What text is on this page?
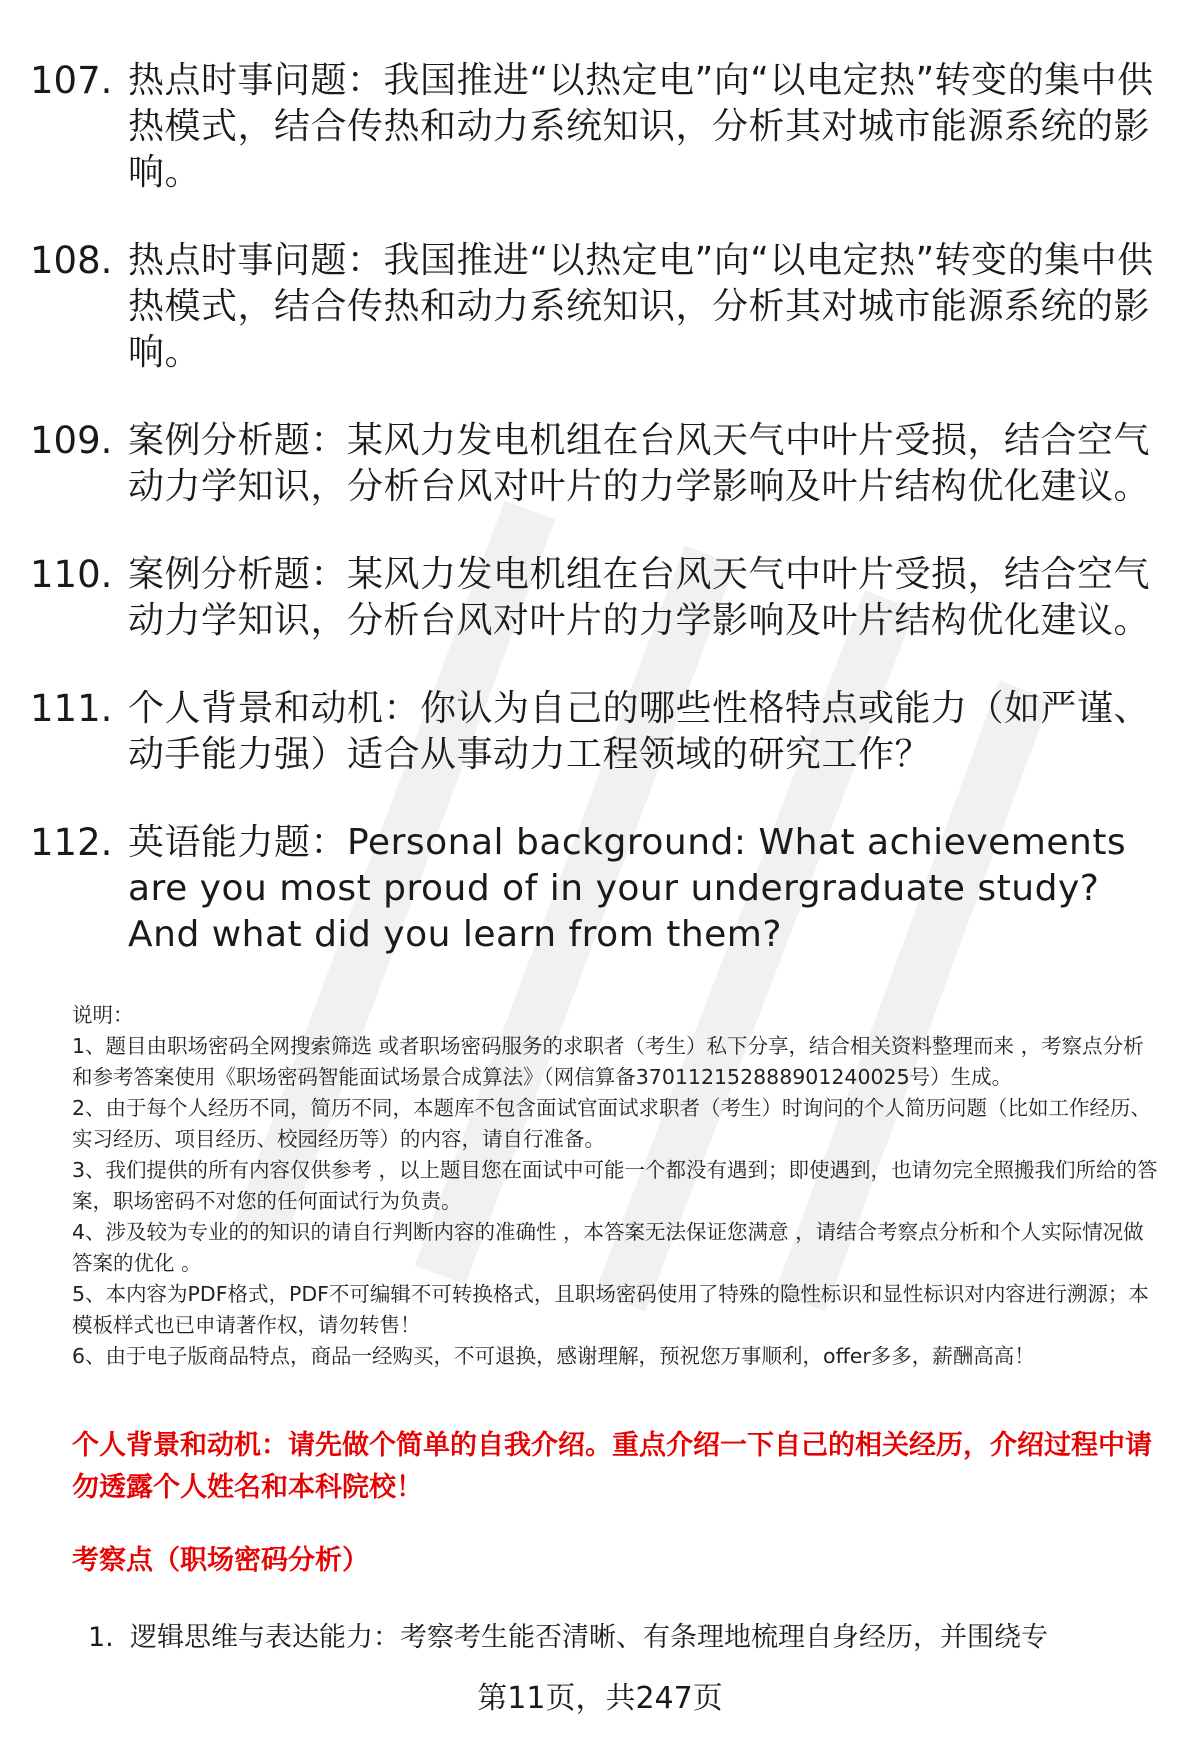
107. 热点时事问题：我国推进“以热定电”向“以电定热”转变的集中供热模式，结合传热和动力系统知识，分析其对城市能源系统的影响。
108. 热点时事问题：我国推进“以热定电”向“以电定热”转变的集中供热模式，结合传热和动力系统知识，分析其对城市能源系统的影响。
109. 案例分析题：某风力发电机组在台风天气中叶片受损，结合空气动力学知识，分析台风对叶片的力学影响及叶片结构优化建议。
110. 案例分析题：某风力发电机组在台风天气中叶片受损，结合空气动力学知识，分析台风对叶片的力学影响及叶片结构优化建议。
111. 个人背景和动机：你认为自己的哪些性格特点或能力（如严谨、动手能力强）适合从事动力工程领域的研究工作？
112. 英语能力题：Personal background: What achievements are you most proud of in your undergraduate study? And what did you learn from them?

说明：

1、题目由职场密码全网搜索筛选 或者职场密码服务的求职者（考生）私下分享，结合相关资料整理而来 ，考察点分析和参考答案使用《职场密码智能面试场景合成算法》（网信算备370112152888901240025号）生成。

2、由于每个人经历不同，简历不同，本题库不包含面试官面试求职者（考生）时询问的个人简历问题（比如工作经历、实习经历、项目经历、校园经历等）的内容，请自行准备。

3、我们提供的所有内容仅供参考 ，以上题目您在面试中可能一个都没有遇到；即使遇到，也请勿完全照搬我们所给的答案，职场密码不对您的任何面试行为负责。

4、涉及较为专业的的知识的请自行判断内容的准确性 ，本答案无法保证您满意 ，请结合考察点分析和个人实际情况做答案的优化 。

5、本内容为PDF格式，PDF不可编辑不可转换格式，且职场密码使用了特殊的隐性标识和显性标识对内容进行溯源；本模板样式也已申请著作权，请勿转售！

6、由于电子版商品特点，商品一经购买，不可退换，感谢理解，预祝您万事顺利，offer多多，薪酬高高！

个人背景和动机：请先做个简单的自我介绍。重点介绍一下自己的相关经历，介绍过程中请勿透露个人姓名和本科院校！
考察点（职场密码分析）
1. 逻辑思维与表达能力：考察考生能否清晰、有条理地梳理自身经历，并围绕专
第11页，共247页
